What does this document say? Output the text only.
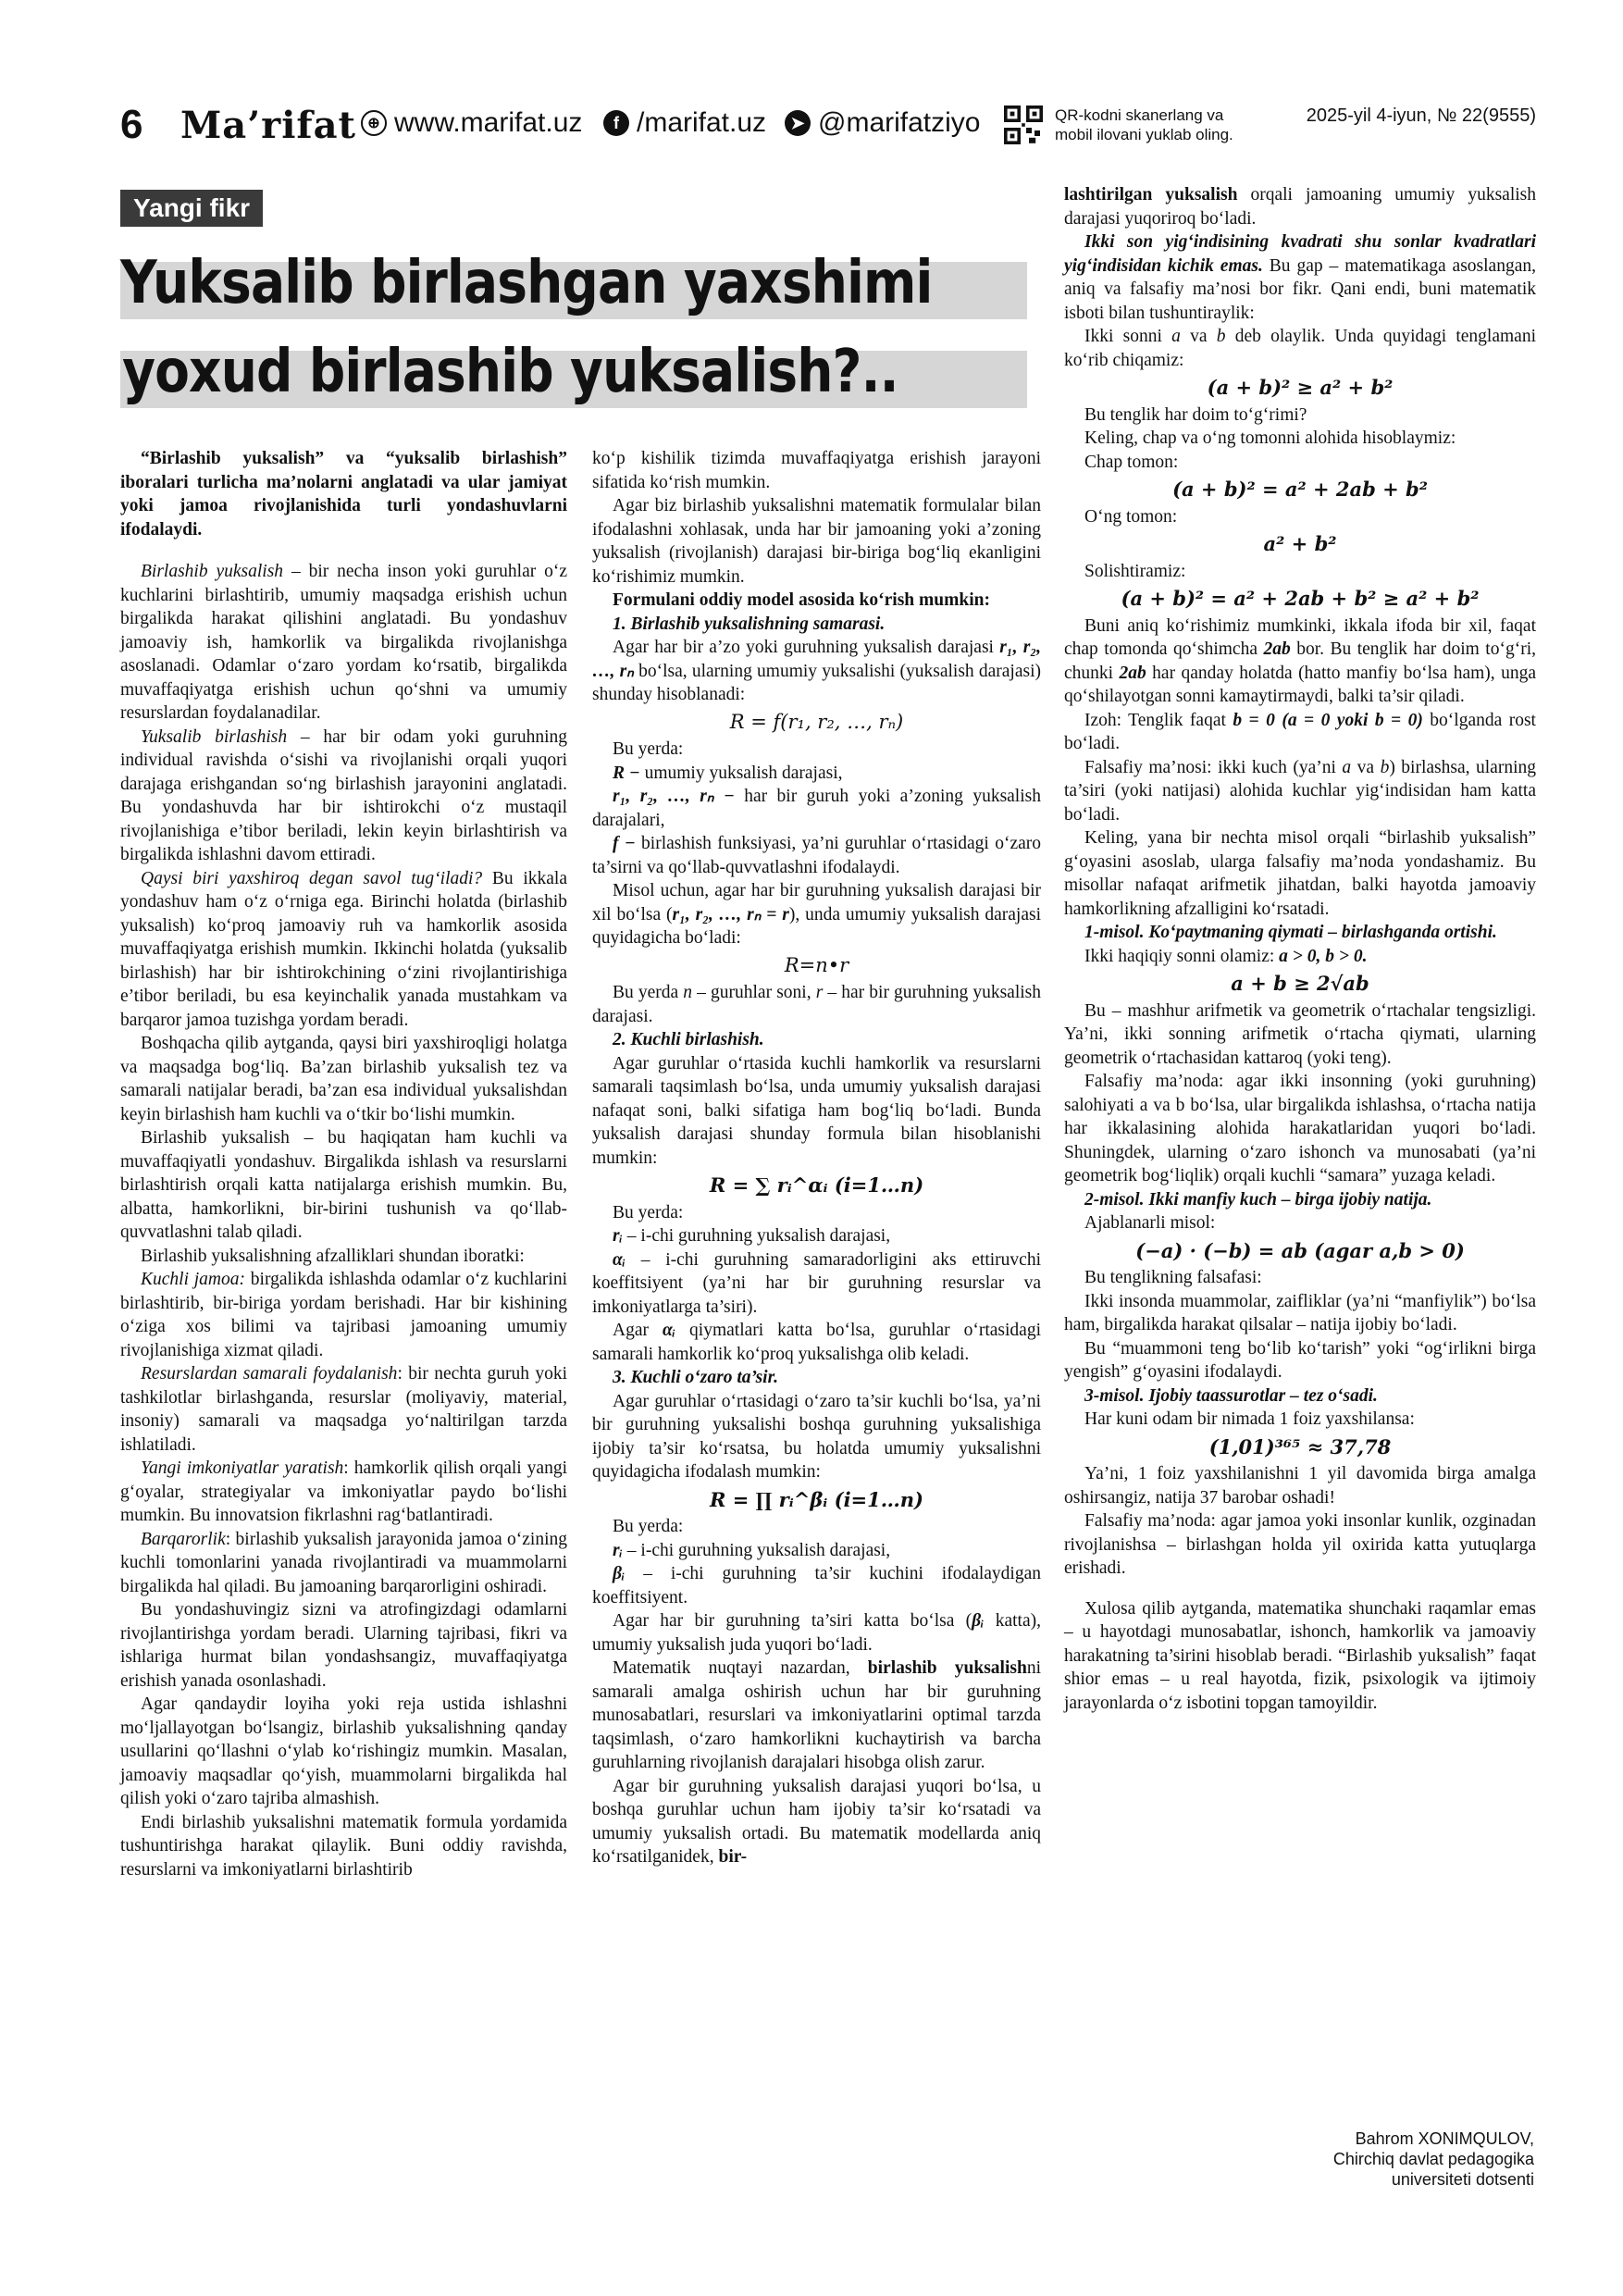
6 Ma’rifat ⊕ www.marifat.uz	f /marifat.uz	➤ @marifatziyo	QR-kodni skanerlang va mobil ilovani yuklab oling.
2025-yil 4-iyun, № 22(9555)
Yangi fikr
Yuksalib birlashgan yaxshimi
yoxud birlashib yuksalish?..

“Birlashib yuksalish” va “yuksalib birlashish” iboralari turlicha ma’nolarni anglatadi va ular jamiyat yoki jamoa rivojlanishida turli yondashuvlarni ifodalaydi.

Birlashib yuksalish – bir necha inson yoki guruhlar o‘z kuchlarini birlashtirib, umumiy maqsadga erishish uchun birgalikda harakat qilishini anglatadi. Bu yondashuv jamoaviy ish, hamkorlik va birgalikda rivojlanishga asoslanadi. Odamlar o‘zaro yordam ko‘rsatib, birgalikda muvaffaqiyatga erishish uchun qo‘shni va umumiy resurslardan foydalanadilar.

Yuksalib birlashish – har bir odam yoki guruhning individual ravishda o‘sishi va rivojlanishi orqali yuqori darajaga erishgandan so‘ng birlashish jarayonini anglatadi. Bu yondashuvda har bir ishtirokchi o‘z mustaqil rivojlanishiga e’tibor beriladi, lekin keyin birlashtirish va birgalikda ishlashni davom ettiradi.

Qaysi biri yaxshiroq degan savol tug‘iladi? Bu ikkala yondashuv ham o‘z o‘rniga ega. Birinchi holatda (birlashib yuksalish) ko‘proq jamoaviy ruh va hamkorlik asosida muvaffaqiyatga erishish mumkin. Ikkinchi holatda (yuksalib birlashish) har bir ishtirokchining o‘zini rivojlantirishiga e’tibor beriladi, bu esa keyinchalik yanada mustahkam va barqaror jamoa tuzishga yordam beradi.

Boshqacha qilib aytganda, qaysi biri yaxshiroqligi holatga va maqsadga bog‘liq. Ba’zan birlashib yuksalish tez va samarali natijalar beradi, ba’zan esa individual yuksalishdan keyin birlashish ham kuchli va o‘tkir bo‘lishi mumkin.

Birlashib yuksalish – bu haqiqatan ham kuchli va muvaffaqiyatli yondashuv. Birgalikda ishlash va resurslarni birlashtirish orqali katta natijalarga erishish mumkin. Bu, albatta, hamkorlikni, bir-birini tushunish va qo‘llab-quvvatlashni talab qiladi.

Birlashib yuksalishning afzalliklari shundan iboratki:

Kuchli jamoa: birgalikda ishlashda odamlar o‘z kuchlarini birlashtirib, bir-biriga yordam berishadi. Har bir kishining o‘ziga xos bilimi va tajribasi jamoaning umumiy rivojlanishiga xizmat qiladi.

Resurslardan samarali foydalanish: bir nechta guruh yoki tashkilotlar birlashganda, resurslar (moliyaviy, material, insoniy) samarali va maqsadga yo‘naltirilgan tarzda ishlatiladi.

Yangi imkoniyatlar yaratish: hamkorlik qilish orqali yangi g‘oyalar, strategiyalar va imkoniyatlar paydo bo‘lishi mumkin. Bu innovatsion fikrlashni rag‘batlantiradi.

Barqarorlik: birlashib yuksalish jarayonida jamoa o‘zining kuchli tomonlarini yanada rivojlantiradi va muammolarni birgalikda hal qiladi. Bu jamoaning barqarorligini oshiradi.

Bu yondashuvingiz sizni va atrofingizdagi odamlarni rivojlantirishga yordam beradi. Ularning tajribasi, fikri va ishlariga hurmat bilan yondashsangiz, muvaffaqiyatga erishish yanada osonlashadi.

Agar qandaydir loyiha yoki reja ustida ishlashni mo‘ljallayotgan bo‘lsangiz, birlashib yuksalishning qanday usullarini qo‘llashni o‘ylab ko‘rishingiz mumkin. Masalan, jamoaviy maqsadlar qo‘yish, muammolarni birgalikda hal qilish yoki o‘zaro tajriba almashish.

Endi birlashib yuksalishni matematik formula yordamida tushuntirishga harakat qilaylik. Buni oddiy ravishda, resurslarni va imkoniyatlarni birlashtirib

ko‘p kishilik tizimda muvaffaqiyatga erishish jarayoni sifatida ko‘rish mumkin.

Agar biz birlashib yuksalishni matematik formulalar bilan ifodalashni xohlasak, unda har bir jamoaning yoki a’zoning yuksalish (rivojlanish) darajasi bir-biriga bog‘liq ekanligini ko‘rishimiz mumkin.

Formulani oddiy model asosida ko‘rish mumkin:

1. Birlashib yuksalishning samarasi.

Agar har bir a’zo yoki guruhning yuksalish darajasi r₁, r₂, …, rₙ bo‘lsa, ularning umumiy yuksalishi (yuksalish darajasi) shunday hisoblanadi:

R = f(r₁, r₂, …, rₙ)

Bu yerda:

R − umumiy yuksalish darajasi,

r₁, r₂, …, rₙ − har bir guruh yoki a’zoning yuksalish darajalari,

f − birlashish funksiyasi, ya’ni guruhlar o‘rtasidagi o‘zaro ta’sirni va qo‘llab-quvvatlashni ifodalaydi.

Misol uchun, agar har bir guruhning yuksalish darajasi bir xil bo‘lsa (r₁, r₂, …, rₙ = r), unda umumiy yuksalish darajasi quyidagicha bo‘ladi:

R=n•r

Bu yerda n – guruhlar soni, r – har bir guruhning yuksalish darajasi.

2. Kuchli birlashish.

Agar guruhlar o‘rtasida kuchli hamkorlik va resurslarni samarali taqsimlash bo‘lsa, unda umumiy yuksalish darajasi nafaqat soni, balki sifatiga ham bog‘liq bo‘ladi. Bunda yuksalish darajasi shunday formula bilan hisoblanishi mumkin:

R = ∑ rᵢ^αᵢ (i=1…n)

Bu yerda:

rᵢ – i-chi guruhning yuksalish darajasi,

αᵢ – i-chi guruhning samaradorligini aks ettiruvchi koeffitsiyent (ya’ni har bir guruhning resurslar va imkoniyatlarga ta’siri).

Agar αᵢ qiymatlari katta bo‘lsa, guruhlar o‘rtasidagi samarali hamkorlik ko‘proq yuksalishga olib keladi.

3. Kuchli o‘zaro ta’sir.

Agar guruhlar o‘rtasidagi o‘zaro ta’sir kuchli bo‘lsa, ya’ni bir guruhning yuksalishi boshqa guruhning yuksalishiga ijobiy ta’sir ko‘rsatsa, bu holatda umumiy yuksalishni quyidagicha ifodalash mumkin:

R = ∏ rᵢ^βᵢ (i=1…n)

Bu yerda:

rᵢ – i-chi guruhning yuksalish darajasi,

βᵢ – i-chi guruhning ta’sir kuchini ifodalaydigan koeffitsiyent.

Agar har bir guruhning ta’siri katta bo‘lsa (βᵢ katta), umumiy yuksalish juda yuqori bo‘ladi.

Matematik nuqtayi nazardan, birlashib yuksalishni samarali amalga oshirish uchun har bir guruhning munosabatlari, resurslari va imkoniyatlarini optimal tarzda taqsimlash, o‘zaro hamkorlikni kuchaytirish va barcha guruhlarning rivojlanish darajalari hisobga olish zarur.

Agar bir guruhning yuksalish darajasi yuqori bo‘lsa, u boshqa guruhlar uchun ham ijobiy ta’sir ko‘rsatadi va umumiy yuksalish ortadi. Bu matematik modellarda aniq ko‘rsatilganidek, bir-

lashtirilgan yuksalish orqali jamoaning umumiy yuksalish darajasi yuqoriroq bo‘ladi.

Ikki son yig‘indisining kvadrati shu sonlar kvadratlari yig‘indisidan kichik emas. Bu gap – matematikaga asoslangan, aniq va falsafiy ma’nosi bor fikr. Qani endi, buni matematik isboti bilan tushuntiraylik:

Ikki sonni a va b deb olaylik. Unda quyidagi tenglamani ko‘rib chiqamiz:

(a + b)² ≥ a² + b²

Bu tenglik har doim to‘g‘rimi?

Keling, chap va o‘ng tomonni alohida hisoblaymiz:

Chap tomon:

(a + b)² = a² + 2ab + b²

O‘ng tomon:

a² + b²

Solishtiramiz:

(a + b)² = a² + 2ab + b² ≥ a² + b²

Buni aniq ko‘rishimiz mumkinki, ikkala ifoda bir xil, faqat chap tomonda qo‘shimcha 2ab bor. Bu tenglik har doim to‘g‘ri, chunki 2ab har qanday holatda (hatto manfiy bo‘lsa ham), unga qo‘shilayotgan sonni kamaytirmaydi, balki ta’sir qiladi.

Izoh: Tenglik faqat b = 0 (a = 0 yoki b = 0) bo‘lganda rost bo‘ladi.

Falsafiy ma’nosi: ikki kuch (ya’ni a va b) birlashsa, ularning ta’siri (yoki natijasi) alohida kuchlar yig‘indisidan ham katta bo‘ladi.

Keling, yana bir nechta misol orqali “birlashib yuksalish” g‘oyasini asoslab, ularga falsafiy ma’noda yondashamiz. Bu misollar nafaqat arifmetik jihatdan, balki hayotda jamoaviy hamkorlikning afzalligini ko‘rsatadi.

1-misol. Ko‘paytmaning qiymati – birlashganda ortishi.

Ikki haqiqiy sonni olamiz: a > 0, b > 0.

a + b ≥ 2√ab

Bu – mashhur arifmetik va geometrik o‘rtachalar tengsizligi. Ya’ni, ikki sonning arifmetik o‘rtacha qiymati, ularning geometrik o‘rtachasidan kattaroq (yoki teng).

Falsafiy ma’noda: agar ikki insonning (yoki guruhning) salohiyati a va b bo‘lsa, ular birgalikda ishlashsa, o‘rtacha natija har ikkalasining alohida harakatlaridan yuqori bo‘ladi. Shuningdek, ularning o‘zaro ishonch va munosabati (ya’ni geometrik bog‘liqlik) orqali kuchli “samara” yuzaga keladi.

2-misol. Ikki manfiy kuch – birga ijobiy natija.

Ajablanarli misol:

(−a) · (−b) = ab (agar a,b > 0)

Bu tenglikning falsafasi:

Ikki insonda muammolar, zaifliklar (ya’ni “manfiylik”) bo‘lsa ham, birgalikda harakat qilsalar – natija ijobiy bo‘ladi.

Bu “muammoni teng bo‘lib ko‘tarish” yoki “og‘irlikni birga yengish” g‘oyasini ifodalaydi.

3-misol. Ijobiy taassurotlar – tez o‘sadi.

Har kuni odam bir nimada 1 foiz yaxshilansa:

(1,01)³⁶⁵ ≈ 37,78

Ya’ni, 1 foiz yaxshilanishni 1 yil davomida birga amalga oshirsangiz, natija 37 barobar oshadi!

Falsafiy ma’noda: agar jamoa yoki insonlar kunlik, ozginadan rivojlanishsa – birlashgan holda yil oxirida katta yutuqlarga erishadi.

Xulosa qilib aytganda, matematika shunchaki raqamlar emas – u hayotdagi munosabatlar, ishonch, hamkorlik va jamoaviy harakatning ta’sirini hisoblab beradi. “Birlashib yuksalish” faqat shior emas – u real hayotda, fizik, psixologik va ijtimoiy jarayonlarda o‘z isbotini topgan tamoyildir.

Bahrom XONIMQULOV,
Chirchiq davlat pedagogika
universiteti dotsenti
